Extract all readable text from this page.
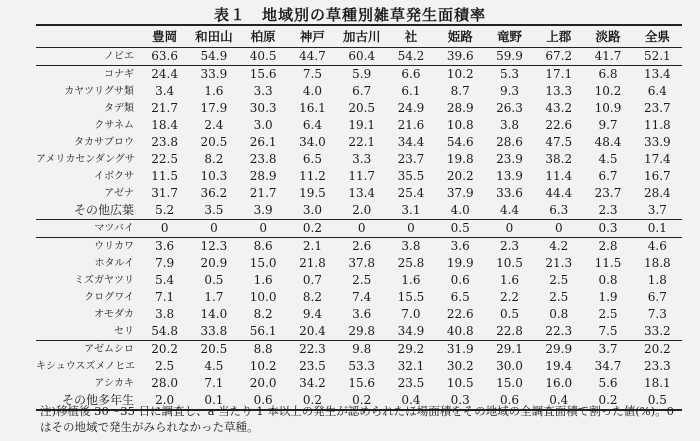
表１　地域別の草種別雑草発生面積率
	豊岡	和田山	柏原	神戸	加古川	社	姫路	竜野	上郡	淡路	全県
ノビエ	63.6	54.9	40.5	44.7	60.4	54.2	39.6	59.9	67.2	41.7	52.1
コナギ	24.4	33.9	15.6	7.5	5.9	6.6	10.2	5.3	17.1	6.8	13.4
カヤツリグサ類	3.4	1.6	3.3	4.0	6.7	6.1	8.7	9.3	13.3	10.2	6.4
タデ類	21.7	17.9	30.3	16.1	20.5	24.9	28.9	26.3	43.2	10.9	23.7
クサネム	18.4	2.4	3.0	6.4	19.1	21.6	10.8	3.8	22.6	9.7	11.8
タカサブロウ	23.8	20.5	26.1	34.0	22.1	34.4	54.6	28.6	47.5	48.4	33.9
アメリカセンダングサ	22.5	8.2	23.8	6.5	3.3	23.7	19.8	23.9	38.2	4.5	17.4
イボクサ	11.5	10.3	28.9	11.2	11.7	35.5	20.2	13.9	11.4	6.7	16.7
アゼナ	31.7	36.2	21.7	19.5	13.4	25.4	37.9	33.6	44.4	23.7	28.4
その他広葉	5.2	3.5	3.9	3.0	2.0	3.1	4.0	4.4	6.3	2.3	3.7
マツバイ	0	0	0	0.2	0	0	0.5	0	0	0.3	0.1
ウリカワ	3.6	12.3	8.6	2.1	2.6	3.8	3.6	2.3	4.2	2.8	4.6
ホタルイ	7.9	20.9	15.0	21.8	37.8	25.8	19.9	10.5	21.3	11.5	18.8
ミズガヤツリ	5.4	0.5	1.6	0.7	2.5	1.6	0.6	1.6	2.5	0.8	1.8
クログワイ	7.1	1.7	10.0	8.2	7.4	15.5	6.5	2.2	2.5	1.9	6.7
オモダカ	3.8	14.0	8.2	9.4	3.6	7.0	22.6	0.5	0.8	2.5	7.3
セリ	54.8	33.8	56.1	20.4	29.8	34.9	40.8	22.8	22.3	7.5	33.2
アゼムシロ	20.2	20.5	8.8	22.3	9.8	29.2	31.9	29.1	29.9	3.7	20.2
キシュウスズメノヒエ	2.5	4.5	10.2	23.5	53.3	32.1	30.2	30.0	19.4	34.7	23.3
アシカキ	28.0	7.1	20.0	34.2	15.6	23.5	10.5	15.0	16.0	5.6	18.1
その他多年生	2.0	0.1	0.6	0.2	0.2	0.4	0.3	0.6	0.4	0.2	0.5
注)移植後 30～35 日に調査し、a 当たり 1 本以上の発生が認められたほ場面積をその地域の全調査面積で割った値(%)。0 はその地域で発生がみられなかった草種。
